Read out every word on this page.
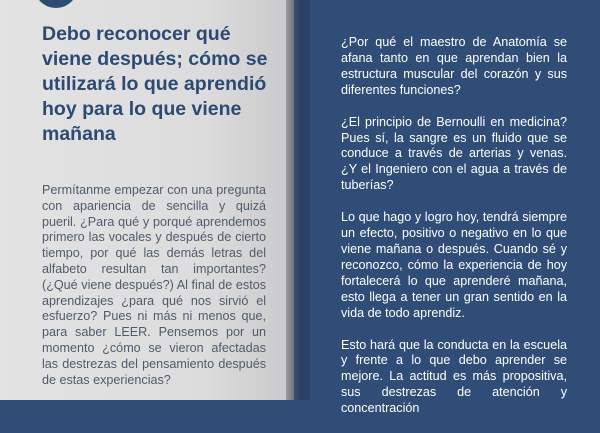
Debo reconocer qué viene después; cómo se utilizará lo que aprendió hoy para lo que viene mañana

Permítanme empezar con una pregunta con apariencia de sencilla y quizá pueril. ¿Para qué y porqué aprendemos primero las vocales y después de cierto tiempo, por qué las demás letras del alfabeto resultan tan importantes? (¿Qué viene después?) Al final de estos aprendizajes ¿para qué nos sirvió el esfuerzo? Pues ni más ni menos que, para saber LEER. Pensemos por un momento ¿cómo se vieron afectadas las destrezas del pensamiento después de estas experiencias?

¿Por qué el maestro de Anatomía se afana tanto en que aprendan bien la estructura muscular del corazón y sus diferentes funciones?

¿El principio de Bernoulli en medicina? Pues sí, la sangre es un fluido que se conduce a través de arterias y venas. ¿Y el Ingeniero con el agua a través de tuberías?

Lo que hago y logro hoy, tendrá siempre un efecto, positivo o negativo en lo que viene mañana o después. Cuando sé y reconozco, cómo la experiencia de hoy fortalecerá lo que aprenderé mañana, esto llega a tener un gran sentido en la vida de todo aprendiz.

Esto hará que la conducta en la escuela y frente a lo que debo aprender se mejore. La actitud es más propositiva, sus destrezas de atención y concentración
